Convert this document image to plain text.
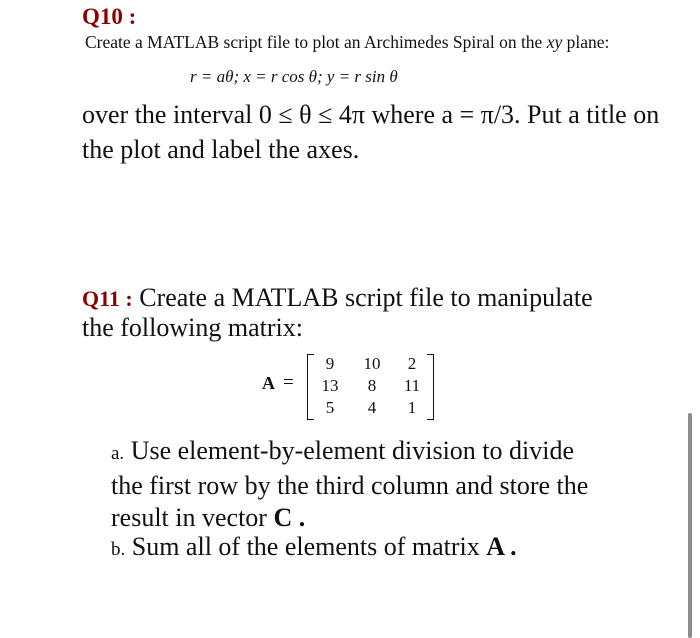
Q10 :
Create a MATLAB script file to plot an Archimedes Spiral on the xy plane:
r = aθ; x = r cos θ; y = r sin θ
over the interval 0 ≤ θ ≤ 4π where a = π/3. Put a title on the plot and label the axes.
Q11 : Create a MATLAB script file to manipulate
the following matrix:
A =
9	10	2
13	8	11
5	4	1
a. Use element-by-element division to divide the first row by the third column and store the result in vector C .
b. Sum all of the elements of matrix A .
